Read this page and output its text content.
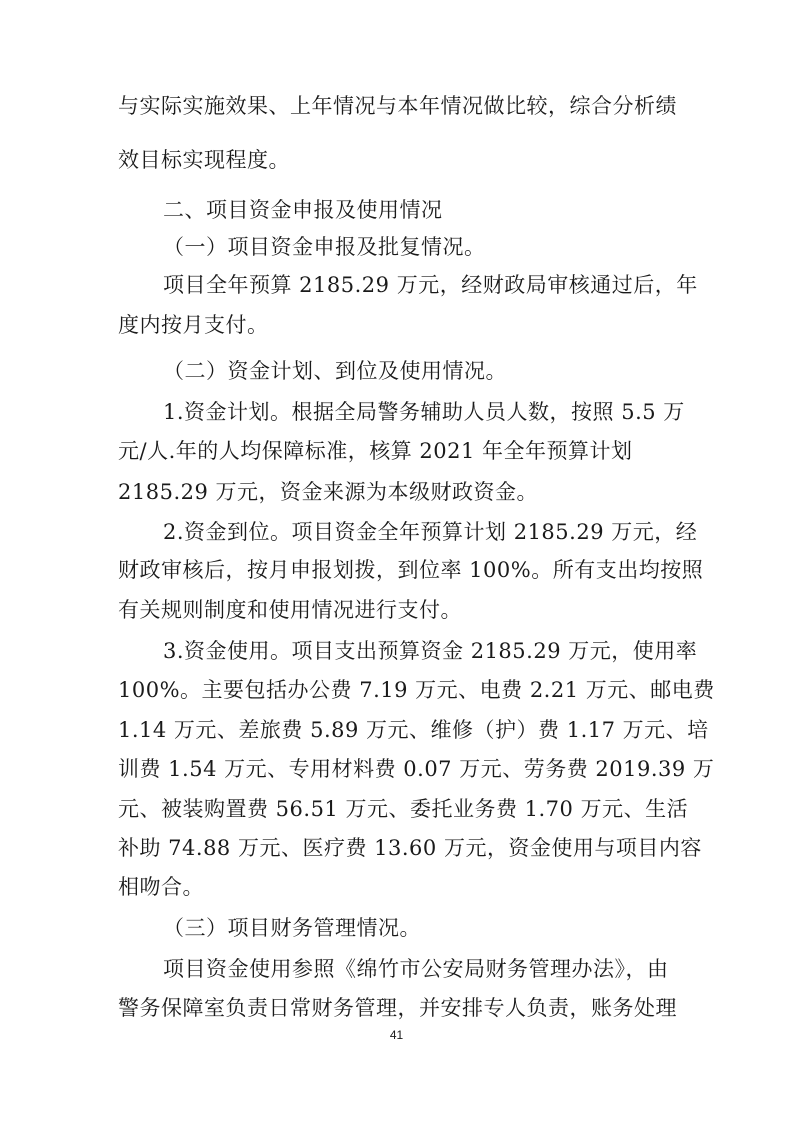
与实际实施效果、上年情况与本年情况做比较，综合分析绩
效目标实现程度。
二、项目资金申报及使用情况
（一）项目资金申报及批复情况。
项目全年预算 2185.29 万元，经财政局审核通过后，年
度内按月支付。
（二）资金计划、到位及使用情况。
1.资金计划。根据全局警务辅助人员人数，按照 5.5 万
元/人.年的人均保障标准，核算 2021 年全年预算计划
2185.29 万元，资金来源为本级财政资金。
2.资金到位。项目资金全年预算计划 2185.29 万元，经
财政审核后，按月申报划拨，到位率 100%。所有支出均按照
有关规则制度和使用情况进行支付。
3.资金使用。项目支出预算资金 2185.29 万元，使用率
100%。主要包括办公费 7.19 万元、电费 2.21 万元、邮电费
1.14 万元、差旅费 5.89 万元、维修（护）费 1.17 万元、培
训费 1.54 万元、专用材料费 0.07 万元、劳务费 2019.39 万
元、被装购置费 56.51 万元、委托业务费 1.70 万元、生活
补助 74.88 万元、医疗费 13.60 万元，资金使用与项目内容
相吻合。
（三）项目财务管理情况。
项目资金使用参照《绵竹市公安局财务管理办法》，由
警务保障室负责日常财务管理，并安排专人负责，账务处理
41
